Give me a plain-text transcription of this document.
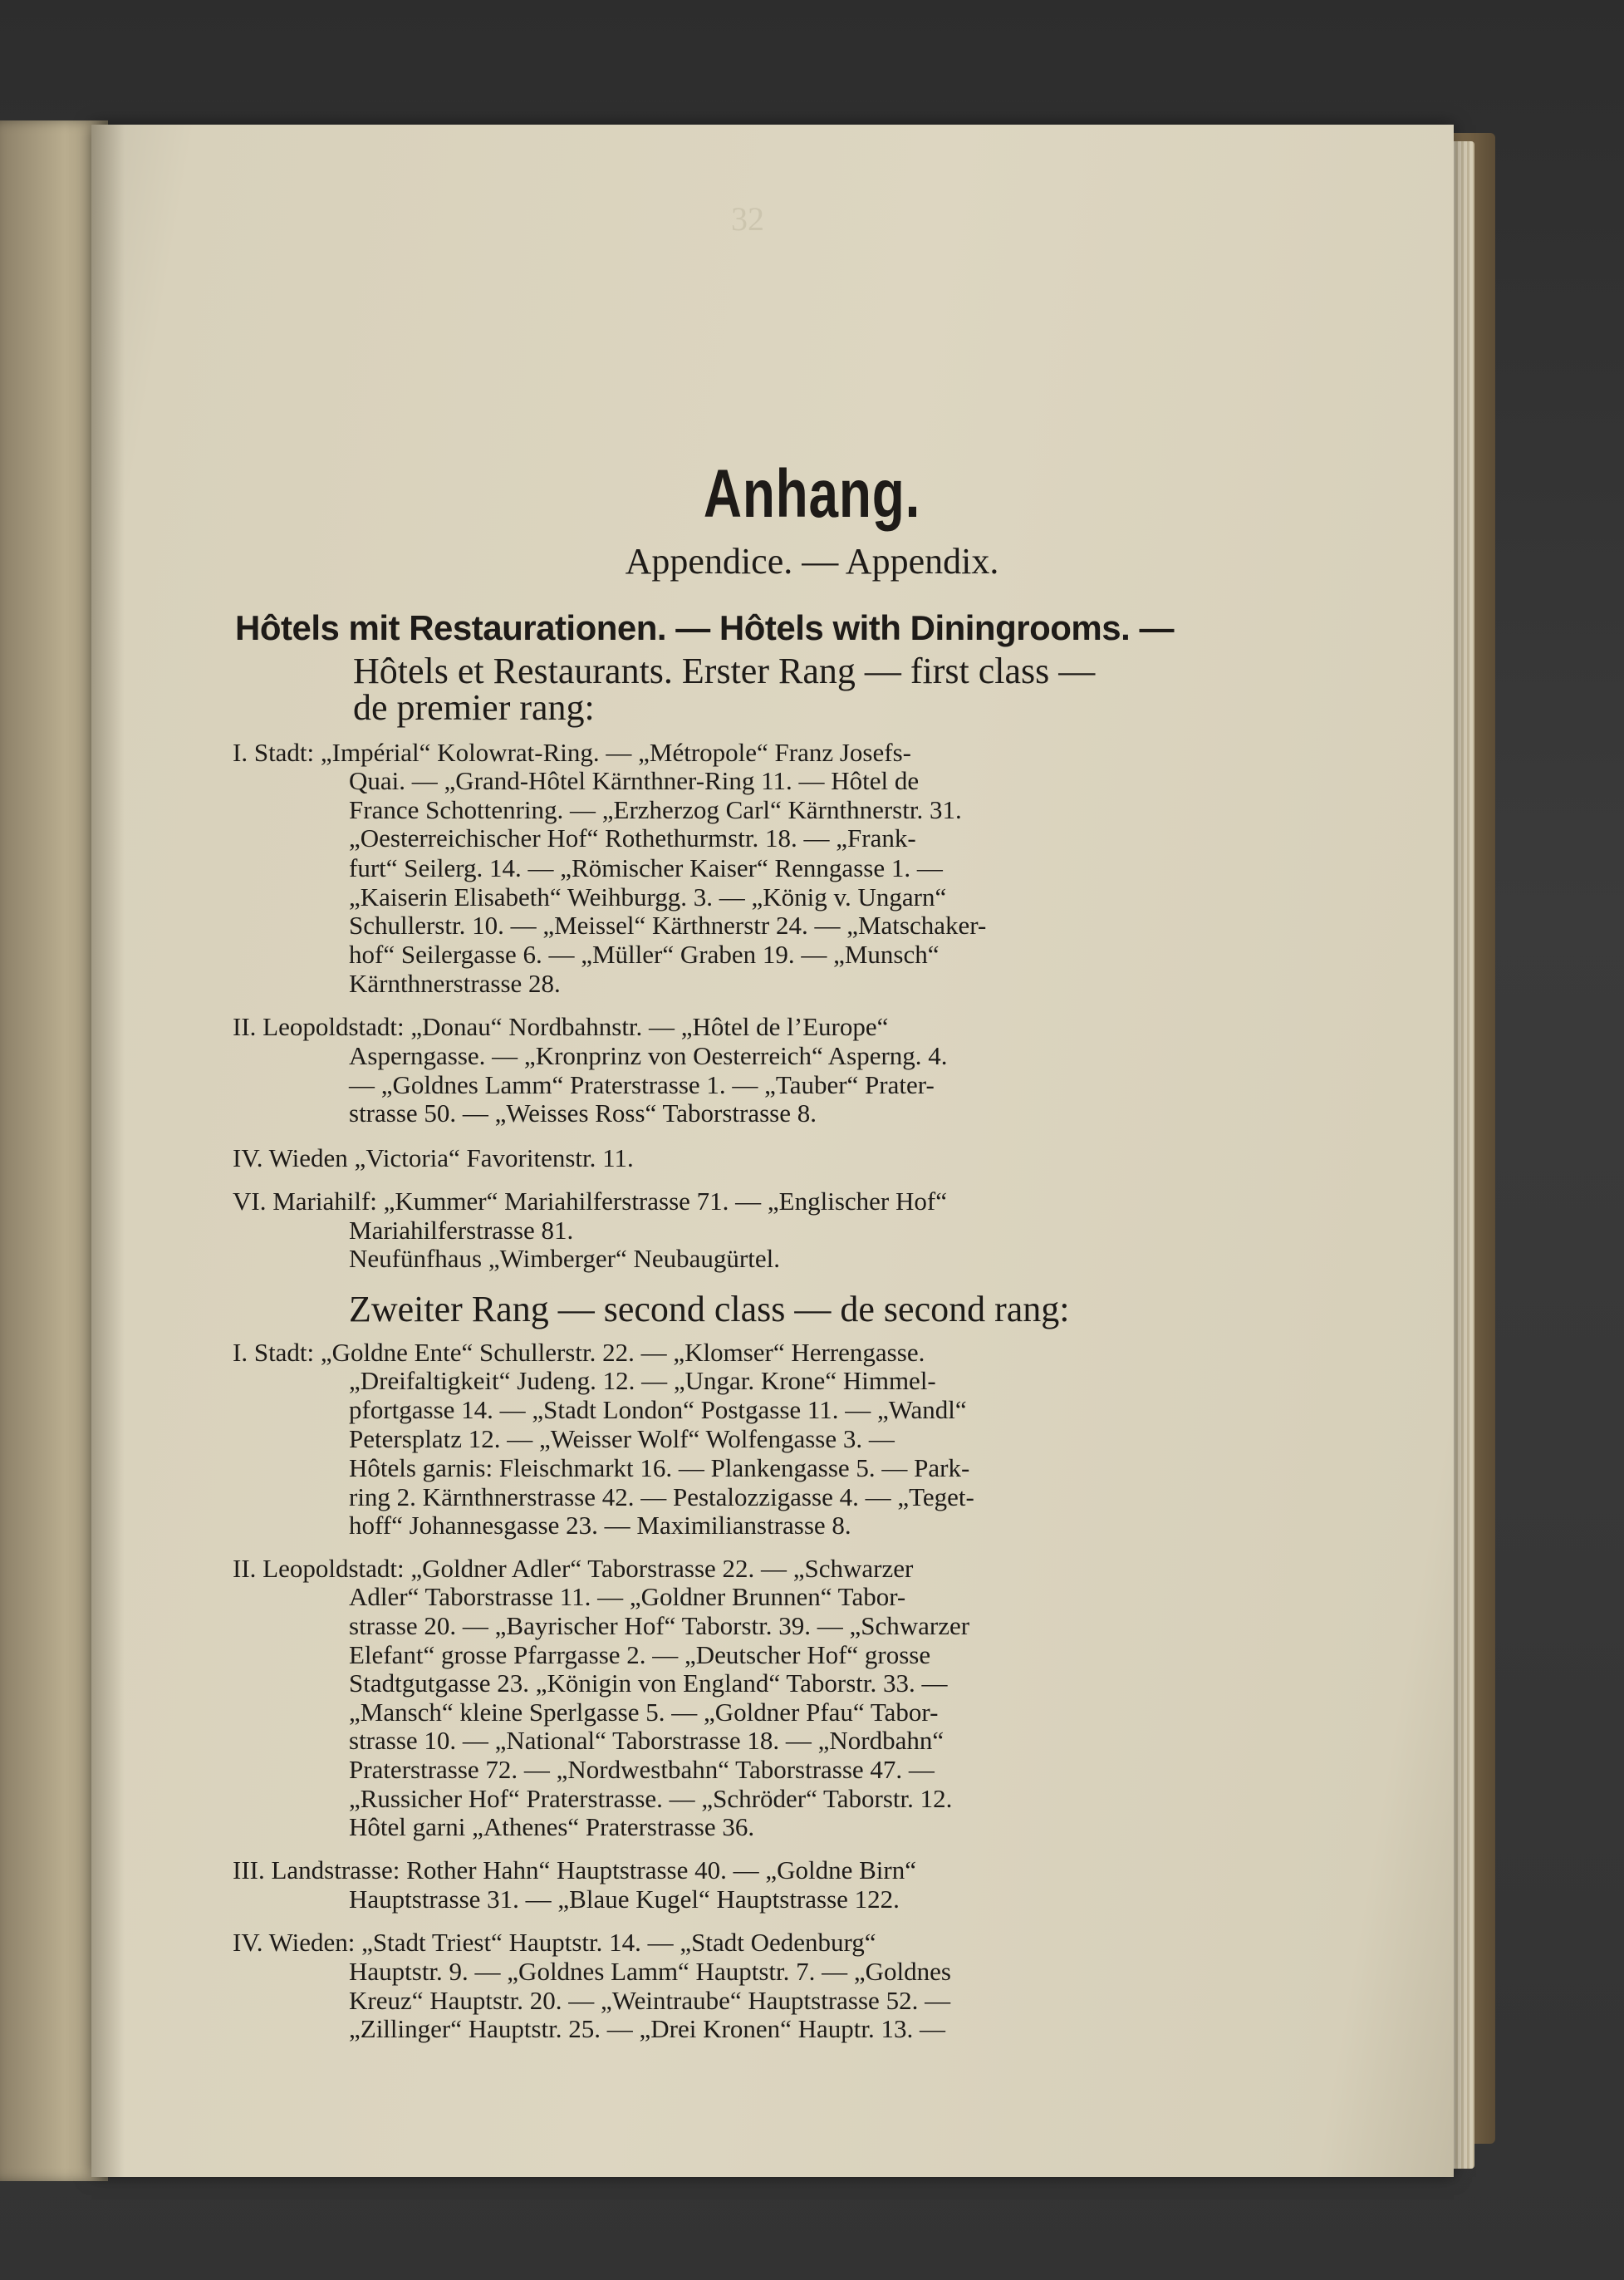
32
Anhang.
Appendice. — Appendix.
Hôtels mit Restaurationen. — Hôtels with Diningrooms. —
Hôtels et Restaurants. Erster Rang — first class —
de premier rang:
I. Stadt: „Impérial“ Kolowrat-Ring. — „Métropole“ Franz Josefs-
Quai. — „Grand-Hôtel Kärnthner-Ring 11. — Hôtel de
France Schottenring. — „Erzherzog Carl“ Kärnthnerstr. 31.
„Oesterreichischer Hof“ Rothethurmstr. 18. — „Frank-
furt“ Seilerg. 14. — „Römischer Kaiser“ Renngasse 1. —
„Kaiserin Elisabeth“ Weihburgg. 3. — „König v. Ungarn“
Schullerstr. 10. — „Meissel“ Kärthnerstr 24. — „Matschaker-
hof“ Seilergasse 6. — „Müller“ Graben 19. — „Munsch“
Kärnthnerstrasse 28.
II. Leopoldstadt: „Donau“ Nordbahnstr. — „Hôtel de l’Europe“
Asperngasse. — „Kronprinz von Oesterreich“ Asperng. 4.
— „Goldnes Lamm“ Praterstrasse 1. — „Tauber“ Prater-
strasse 50. — „Weisses Ross“ Taborstrasse 8.
IV. Wieden „Victoria“ Favoritenstr. 11.
VI. Mariahilf: „Kummer“ Mariahilferstrasse 71. — „Englischer Hof“
Mariahilferstrasse 81.
Neufünfhaus „Wimberger“ Neubaugürtel.
Zweiter Rang — second class — de second rang:
I. Stadt: „Goldne Ente“ Schullerstr. 22. — „Klomser“ Herrengasse.
„Dreifaltigkeit“ Judeng. 12. — „Ungar. Krone“ Himmel-
pfortgasse 14. — „Stadt London“ Postgasse 11. — „Wandl“
Petersplatz 12. — „Weisser Wolf“ Wolfengasse 3. —
Hôtels garnis: Fleischmarkt 16. — Plankengasse 5. — Park-
ring 2. Kärnthnerstrasse 42. — Pestalozzigasse 4. — „Teget-
hoff“ Johannesgasse 23. — Maximilianstrasse 8.
II. Leopoldstadt: „Goldner Adler“ Taborstrasse 22. — „Schwarzer
Adler“ Taborstrasse 11. — „Goldner Brunnen“ Tabor-
strasse 20. — „Bayrischer Hof“ Taborstr. 39. — „Schwarzer
Elefant“ grosse Pfarrgasse 2. — „Deutscher Hof“ grosse
Stadtgutgasse 23. „Königin von England“ Taborstr. 33. —
„Mansch“ kleine Sperlgasse 5. — „Goldner Pfau“ Tabor-
strasse 10. — „National“ Taborstrasse 18. — „Nordbahn“
Praterstrasse 72. — „Nordwestbahn“ Taborstrasse 47. —
„Russicher Hof“ Praterstrasse. — „Schröder“ Taborstr. 12.
Hôtel garni „Athenes“ Praterstrasse 36.
III. Landstrasse: Rother Hahn“ Hauptstrasse 40. — „Goldne Birn“
Hauptstrasse 31. — „Blaue Kugel“ Hauptstrasse 122.
IV. Wieden: „Stadt Triest“ Hauptstr. 14. — „Stadt Oedenburg“
Hauptstr. 9. — „Goldnes Lamm“ Hauptstr. 7. — „Goldnes
Kreuz“ Hauptstr. 20. — „Weintraube“ Hauptstrasse 52. —
„Zillinger“ Hauptstr. 25. — „Drei Kronen“ Hauptr. 13. —
